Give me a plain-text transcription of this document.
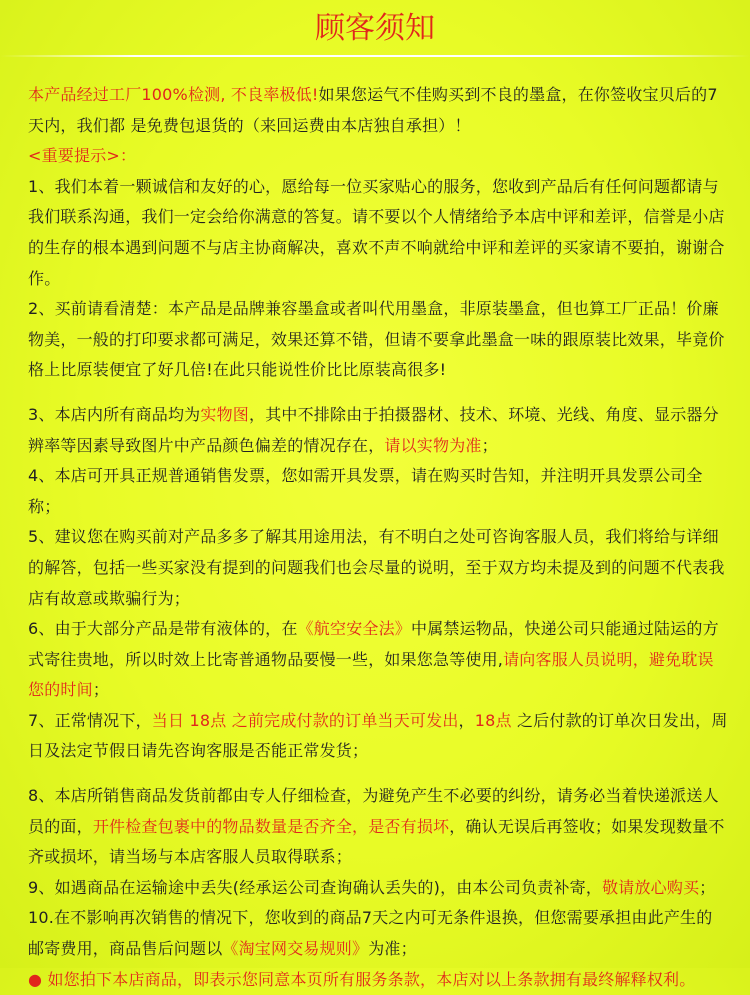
顾客须知

本产品经过工厂100%检测, 不良率极低!如果您运气不佳购买到不良的墨盒，在你签收宝贝后的7天内，我们都 是免费包退货的（来回运费由本店独自承担）！

<重要提示>：

1、我们本着一颗诚信和友好的心，愿给每一位买家贴心的服务，您收到产品后有任何问题都请与我们联系沟通，我们一定会给你满意的答复。请不要以个人情绪给予本店中评和差评，信誉是小店的生存的根本遇到问题不与店主协商解决，喜欢不声不响就给中评和差评的买家请不要拍，谢谢合作。

2、买前请看清楚：本产品是品牌兼容墨盒或者叫代用墨盒，非原装墨盒，但也算工厂正品！价廉物美，一般的打印要求都可满足，效果还算不错，但请不要拿此墨盒一味的跟原装比效果，毕竟价格上比原装便宜了好几倍!在此只能说性价比比原装高很多!

3、本店内所有商品均为实物图，其中不排除由于拍摄器材、技术、环境、光线、角度、显示器分辨率等因素导致图片中产品颜色偏差的情况存在，请以实物为准；

4、本店可开具正规普通销售发票，您如需开具发票，请在购买时告知，并注明开具发票公司全称；

5、建议您在购买前对产品多多了解其用途用法，有不明白之处可咨询客服人员，我们将给与详细的解答，包括一些买家没有提到的问题我们也会尽量的说明，至于双方均未提及到的问题不代表我店有故意或欺骗行为；

6、由于大部分产品是带有液体的，在《航空安全法》中属禁运物品，快递公司只能通过陆运的方式寄往贵地，所以时效上比寄普通物品要慢一些，如果您急等使用,请向客服人员说明，避免耽误您的时间；

7、正常情况下，当日 18点 之前完成付款的订单当天可发出，18点 之后付款的订单次日发出，周日及法定节假日请先咨询客服是否能正常发货；

8、本店所销售商品发货前都由专人仔细检查，为避免产生不必要的纠纷，请务必当着快递派送人员的面，开件检查包裹中的物品数量是否齐全，是否有损坏，确认无误后再签收；如果发现数量不齐或损坏，请当场与本店客服人员取得联系；

9、如遇商品在运输途中丢失(经承运公司查询确认丢失的)，由本公司负责补寄，敬请放心购买；

10.在不影响再次销售的情况下，您收到的商品7天之内可无条件退换，但您需要承担由此产生的邮寄费用，商品售后问题以《淘宝网交易规则》为准；

● 如您拍下本店商品，即表示您同意本页所有服务条款，本店对以上条款拥有最终解释权利。
